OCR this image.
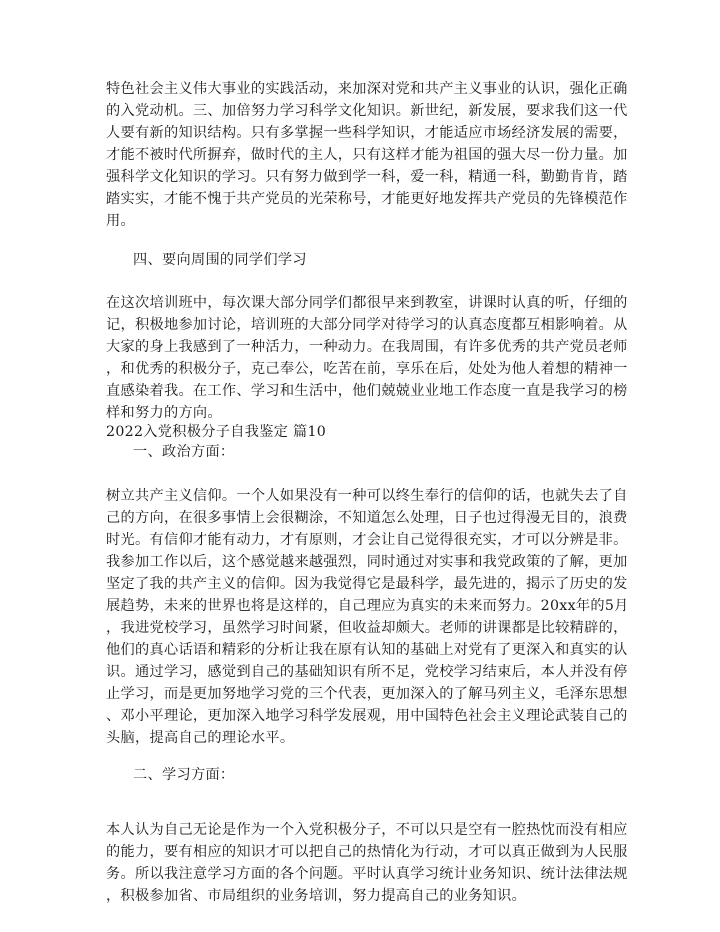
特色社会主义伟大事业的实践活动，来加深对党和共产主义事业的认识，强化正确
的入党动机。三、加倍努力学习科学文化知识。新世纪，新发展，要求我们这一代
人要有新的知识结构。只有多掌握一些科学知识，才能适应市场经济发展的需要，
才能不被时代所摒弃，做时代的主人，只有这样才能为祖国的强大尽一份力量。加
强科学文化知识的学习。只有努力做到学一科，爱一科，精通一科，勤勤肯肯，踏
踏实实，才能不愧于共产党员的光荣称号，才能更好地发挥共产党员的先锋模范作
用。
四、要向周围的同学们学习
在这次培训班中，每次课大部分同学们都很早来到教室，讲课时认真的听，仔细的
记，积极地参加讨论，培训班的大部分同学对待学习的认真态度都互相影响着。从
大家的身上我感到了一种活力，一种动力。在我周围，有许多优秀的共产党员老师
，和优秀的积极分子，克己奉公，吃苦在前，享乐在后，处处为他人着想的精神一
直感染着我。在工作、学习和生活中，他们兢兢业业地工作态度一直是我学习的榜
样和努力的方向。
2022入党积极分子自我鉴定 篇10
一、政治方面：
树立共产主义信仰。一个人如果没有一种可以终生奉行的信仰的话，也就失去了自
己的方向，在很多事情上会很糊涂，不知道怎么处理，日子也过得漫无目的，浪费
时光。有信仰才能有动力，才有原则，才会让自己觉得很充实，才可以分辨是非。
我参加工作以后，这个感觉越来越强烈，同时通过对实事和我党政策的了解，更加
坚定了我的共产主义的信仰。因为我觉得它是最科学，最先进的，揭示了历史的发
展趋势，未来的世界也将是这样的，自己理应为真实的未来而努力。20xx年的5月
，我进党校学习，虽然学习时间紧，但收益却颇大。老师的讲课都是比较精辟的，
他们的真心话语和精彩的分析让我在原有认知的基础上对党有了更深入和真实的认
识。通过学习，感觉到自己的基础知识有所不足，党校学习结束后，本人并没有停
止学习，而是更加努地学习党的三个代表，更加深入的了解马列主义，毛泽东思想
、邓小平理论，更加深入地学习科学发展观，用中国特色社会主义理论武装自己的
头脑，提高自己的理论水平。
二、学习方面：
本人认为自己无论是作为一个入党积极分子，不可以只是空有一腔热忱而没有相应
的能力，要有相应的知识才可以把自己的热情化为行动，才可以真正做到为人民服
务。所以我注意学习方面的各个问题。平时认真学习统计业务知识、统计法律法规
，积极参加省、市局组织的业务培训，努力提高自己的业务知识。
